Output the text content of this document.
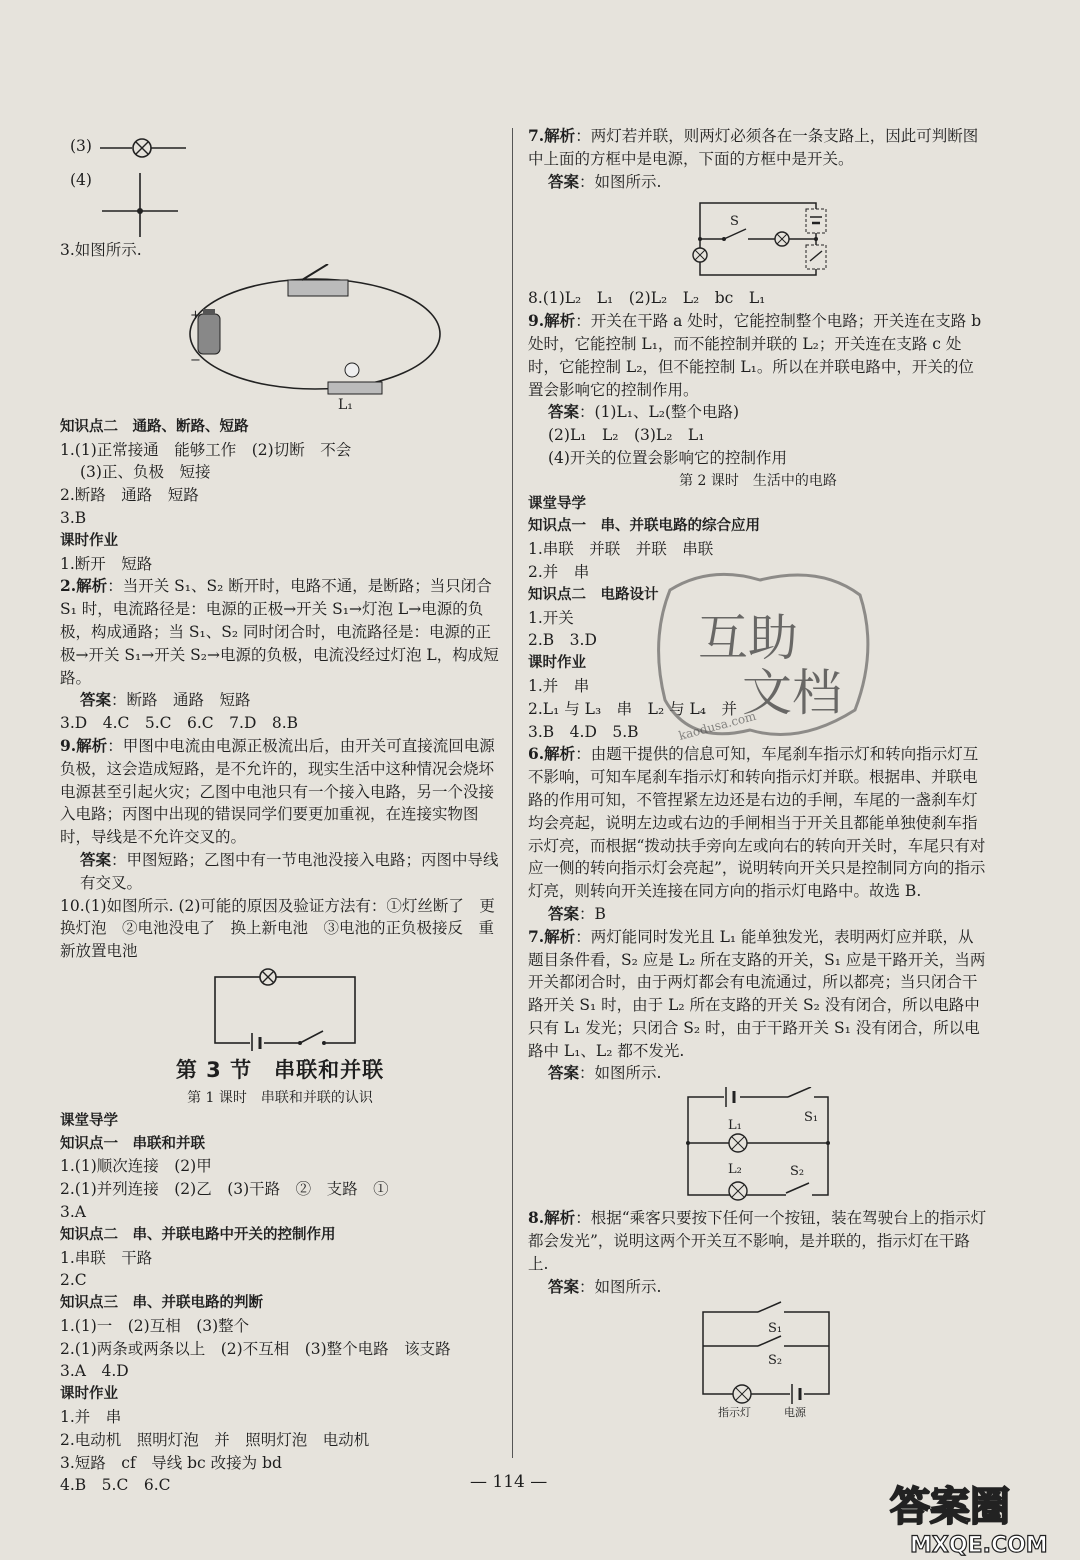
(3)
(4)

3.如图所示.

+
−
L₁

知识点二　通路、断路、短路

1.(1)正常接通　能够工作　(2)切断　不会

(3)正、负极　短接

2.断路　通路　短路

3.B

课时作业

1.断开　短路

2.解析：当开关 S₁、S₂ 断开时，电路不通，是断路；当只闭合 S₁ 时，电流路径是：电源的正极→开关 S₁→灯泡 L→电源的负极，构成通路；当 S₁、S₂ 同时闭合时，电流路径是：电源的正极→开关 S₁→开关 S₂→电源的负极，电流没经过灯泡 L，构成短路。

答案：断路　通路　短路

3.D　4.C　5.C　6.C　7.D　8.B

9.解析：甲图中电流由电源正极流出后，由开关可直接流回电源负极，这会造成短路，是不允许的，现实生活中这种情况会烧坏电源甚至引起火灾；乙图中电池只有一个接入电路，另一个没接入电路；丙图中出现的错误同学们要更加重视，在连接实物图时，导线是不允许交叉的。

答案：甲图短路；乙图中有一节电池没接入电路；丙图中导线有交叉。

10.(1)如图所示. (2)可能的原因及验证方法有：①灯丝断了　更换灯泡　②电池没电了　换上新电池　③电池的正负极接反　重新放置电池

第 3 节　串联和并联

第 1 课时　串联和并联的认识

课堂导学

知识点一　串联和并联

1.(1)顺次连接　(2)甲

2.(1)并列连接　(2)乙　(3)干路　②　支路　①

3.A

知识点二　串、并联电路中开关的控制作用

1.串联　干路

2.C

知识点三　串、并联电路的判断

1.(1)一　(2)互相　(3)整个

2.(1)两条或两条以上　(2)不互相　(3)整个电路　该支路

3.A　4.D

课时作业

1.并　串

2.电动机　照明灯泡　并　照明灯泡　电动机

3.短路　cf　导线 bc 改接为 bd

4.B　5.C　6.C

7.解析：两灯若并联，则两灯必须各在一条支路上，因此可判断图中上面的方框中是电源，下面的方框中是开关。

答案：如图所示.

S

8.(1)L₂　L₁　(2)L₂　L₂　bc　L₁

9.解析：开关在干路 a 处时，它能控制整个电路；开关连在支路 b 处时，它能控制 L₁，而不能控制并联的 L₂；开关连在支路 c 处时，它能控制 L₂，但不能控制 L₁。所以在并联电路中，开关的位置会影响它的控制作用。

答案：(1)L₁、L₂(整个电路)

(2)L₁　L₂　(3)L₂　L₁

(4)开关的位置会影响它的控制作用

第 2 课时　生活中的电路

课堂导学

知识点一　串、并联电路的综合应用

1.串联　并联　并联　串联

2.并　串

知识点二　电路设计

1.开关

2.B　3.D

课时作业

1.并　串

2.L₁ 与 L₃　串　L₂ 与 L₄　并

3.B　4.D　5.B

6.解析：由题干提供的信息可知，车尾刹车指示灯和转向指示灯互不影响，可知车尾刹车指示灯和转向指示灯并联。根据串、并联电路的作用可知，不管捏紧左边还是右边的手闸，车尾的一盏刹车灯均会亮起，说明左边或右边的手闸相当于开关且都能单独使刹车指示灯亮，而根据“拨动扶手旁向左或向右的转向开关时，车尾只有对应一侧的转向指示灯会亮起”，说明转向开关只是控制同方向的指示灯亮，则转向开关连接在同方向的指示灯电路中。故选 B.

答案：B

7.解析：两灯能同时发光且 L₁ 能单独发光，表明两灯应并联，从题目条件看，S₂ 应是 L₂ 所在支路的开关，S₁ 应是干路开关，当两开关都闭合时，由于两灯都会有电流通过，所以都亮；当只闭合干路开关 S₁ 时，由于 L₂ 所在支路的开关 S₂ 没有闭合，所以电路中只有 L₁ 发光；只闭合 S₂ 时，由于干路开关 S₁ 没有闭合，所以电路中 L₁、L₂ 都不发光.

答案：如图所示.

S₁
L₁
L₂	S₂

8.解析：根据“乘客只要按下任何一个按钮，装在驾驶台上的指示灯都会发光”，说明这两个开关互不影响，是并联的，指示灯在干路上.

答案：如图所示.

S₁
S₂
指示灯	电源
— 114 —
互助
文档
kaodusa.com
答案圈
MXQE.COM
